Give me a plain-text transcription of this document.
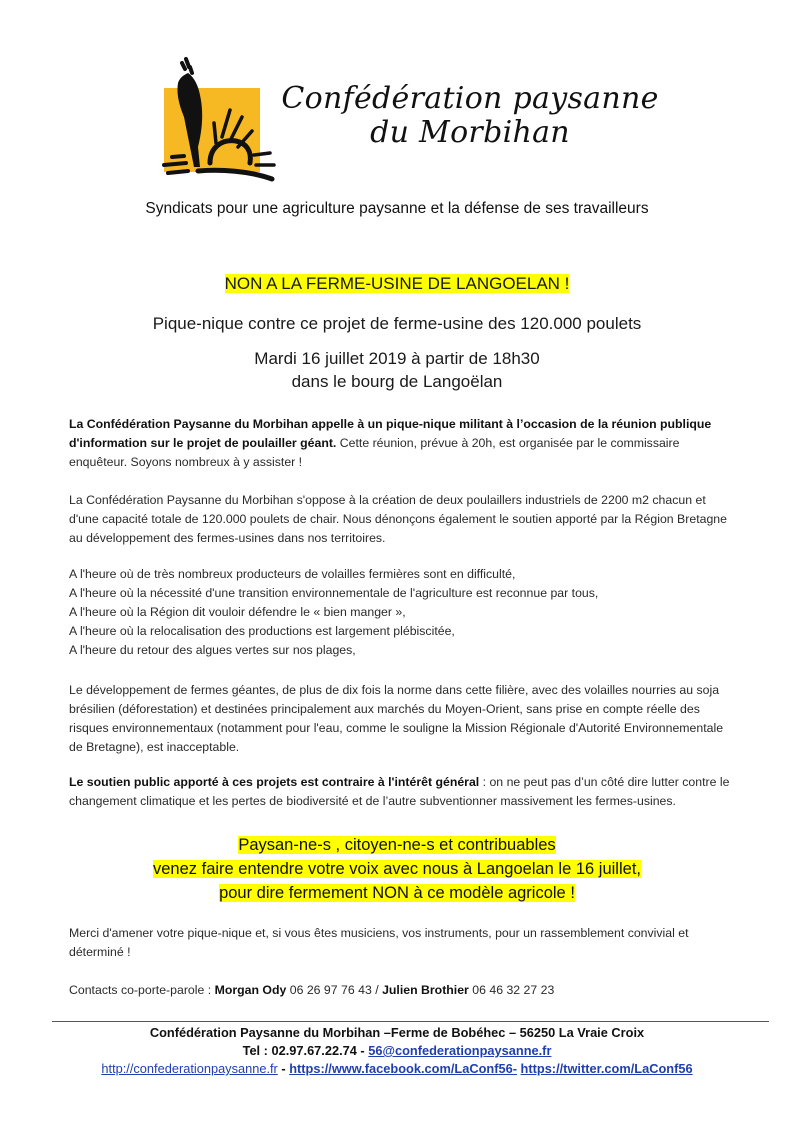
Confédération paysanne
du Morbihan
Syndicats pour une agriculture paysanne et la défense de ses travailleurs
NON A LA FERME-USINE DE LANGOELAN !
Pique-nique contre ce projet de ferme-usine des 120.000 poulets
Mardi 16 juillet 2019 à partir de 18h30
dans le bourg de Langoëlan
La Confédération Paysanne du Morbihan appelle à un pique-nique militant à l’occasion de la réunion publique d'information sur le projet de poulailler géant. Cette réunion, prévue à 20h, est organisée par le commissaire enquêteur. Soyons nombreux à y assister !
La Confédération Paysanne du Morbihan s'oppose à la création de deux poulaillers industriels de 2200 m2 chacun et d'une capacité totale de 120.000 poulets de chair. Nous dénonçons également le soutien apporté par la Région Bretagne au développement des fermes-usines dans nos territoires.
A l'heure où de très nombreux producteurs de volailles fermières sont en difficulté,
A l'heure où la nécessité d'une transition environnementale de l'agriculture est reconnue par tous,
A l'heure où la Région dit vouloir défendre le « bien manger »,
A l'heure où la relocalisation des productions est largement plébiscitée,
A l'heure du retour des algues vertes sur nos plages,
Le développement de fermes géantes, de plus de dix fois la norme dans cette filière, avec des volailles nourries au soja brésilien (déforestation) et destinées principalement aux marchés du Moyen-Orient, sans prise en compte réelle des risques environnementaux (notamment pour l'eau, comme le souligne la Mission Régionale d'Autorité Environnementale de Bretagne), est inacceptable.
Le soutien public apporté à ces projets est contraire à l'intérêt général : on ne peut pas d’un côté dire lutter contre le changement climatique et les pertes de biodiversité et de l’autre subventionner massivement les fermes-usines.
Paysan-ne-s , citoyen-ne-s et contribuables
venez faire entendre votre voix avec nous à Langoelan le 16 juillet,
pour dire fermement NON à ce modèle agricole !
Merci d'amener votre pique-nique et, si vous êtes musiciens, vos instruments, pour un rassemblement convivial et déterminé !
Contacts co-porte-parole : Morgan Ody 06 26 97 76 43 / Julien Brothier 06 46 32 27 23
Confédération Paysanne du Morbihan –Ferme de Bobéhec – 56250 La Vraie Croix
Tel : 02.97.67.22.74 - 56@confederationpaysanne.fr
http://confederationpaysanne.fr - https://www.facebook.com/LaConf56- https://twitter.com/LaConf56
